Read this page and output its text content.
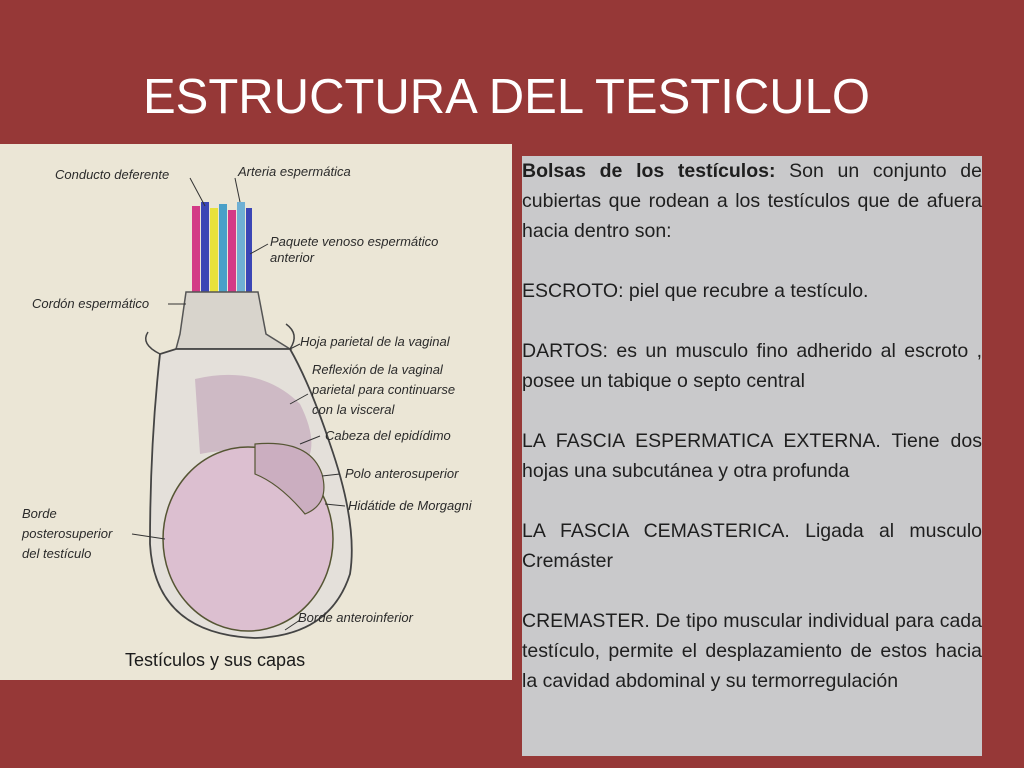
ESTRUCTURA DEL TESTICULO
Conducto deferente	Arteria espermática
Paquete venoso espermático
anterior
Cordón espermático
Hoja parietal de la vaginal
Reflexión de la vaginal
parietal para continuarse
con la visceral
Cabeza del epidídimo
Polo anterosuperior
Hidátide de Morgagni
Borde
posterosuperior
del testículo
Borde anteroinferior
Testículos y sus capas

Bolsas de los testículos: Son un conjunto de cubiertas que rodean a los testículos que de afuera hacia dentro son:

ESCROTO: piel que recubre a testículo.

DARTOS: es un musculo fino adherido al escroto , posee un tabique o septo central

LA FASCIA ESPERMATICA EXTERNA. Tiene dos hojas una subcutánea y otra profunda

LA FASCIA CEMASTERICA. Ligada al musculo Cremáster

CREMASTER. De tipo muscular individual para cada testículo, permite el desplazamiento de estos hacia la cavidad abdominal y su termorregulación
